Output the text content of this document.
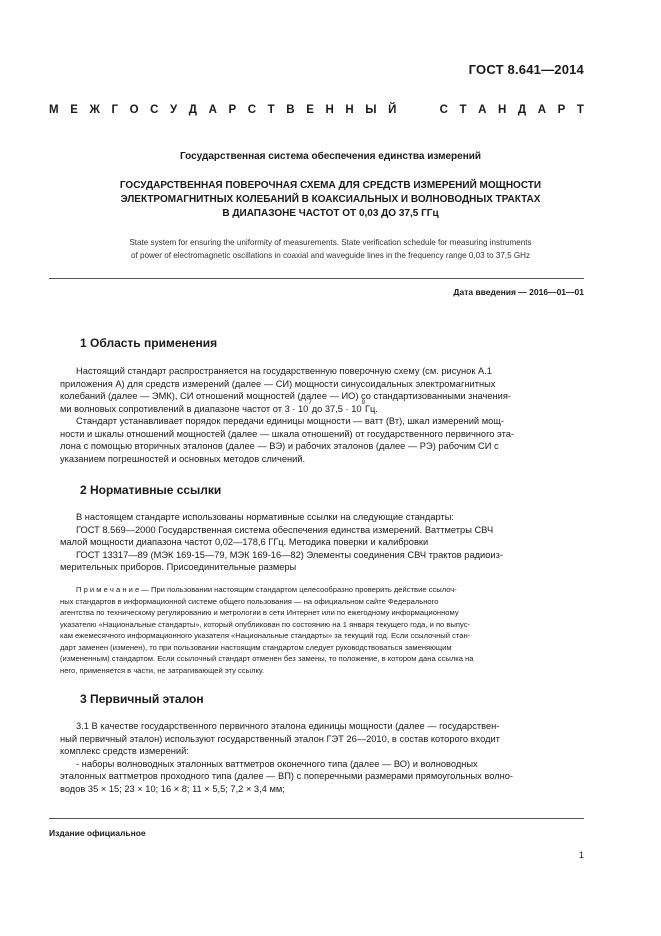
ГОСТ 8.641—2014
М Е Ж Г О С У Д А Р С Т В Е Н Н Ы Й	С Т А Н Д А Р Т
Государственная система обеспечения единства измерений
ГОСУДАРСТВЕННАЯ ПОВЕРОЧНАЯ СХЕМА ДЛЯ СРЕДСТВ ИЗМЕРЕНИЙ МОЩНОСТИ
ЭЛЕКТРОМАГНИТНЫХ КОЛЕБАНИЙ В КОАКСИАЛЬНЫХ И ВОЛНОВОДНЫХ ТРАКТАХ
В ДИАПАЗОНЕ ЧАСТОТ ОТ 0,03 ДО 37,5 ГГц
State system for ensuring the uniformity of measurements. State verification schedule for measuring instruments
of power of electromagnetic oscillations in coaxial and waveguide lines in the frequency range 0,03 to 37,5 GHz
Дата введения — 2016—01—01
1 Область применения
Настоящий стандарт распространяется на государственную поверочную схему (см. рисунок А.1
приложения А) для средств измерений (далее — СИ) мощности синусоидальных электромагнитных
колебаний (далее — ЭМК), СИ отношений мощностей (далее — ИО) со стандартизованными значения-
ми волновых сопротивлений в диапазоне частот от 3 · 10
7
до 37,5 · 10
9
Гц.
Стандарт устанавливает порядок передачи единицы мощности — ватт (Вт), шкал измерений мощ-
ности и шкалы отношений мощностей (далее — шкала отношений) от государственного первичного эта-
лона с помощью вторичных эталонов (далее — ВЭ) и рабочих эталонов (далее — РЭ) рабочим СИ с
указанием погрешностей и основных методов сличений.
2 Нормативные ссылки
В настоящем стандарте использованы нормативные ссылки на следующие стандарты:
ГОСТ 8.569—2000 Государственная система обеспечения единства измерений. Ваттметры СВЧ
малой мощности диапазона частот 0,02—178,6 ГГц. Методика поверки и калибровки
ГОСТ 13317—89 (МЭК 169-15—79, МЭК 169-16—82) Элементы соединения СВЧ трактов радиоиз-
мерительных приборов. Присоединительные размеры
П р и м е ч а н и е — При пользовании настоящим стандартом целесообразно проверить действие ссылоч-
ных стандартов в информационной системе общего пользования — на официальном сайте Федерального
агентства по техническому регулированию и метрологии в сети Интернет или по ежегодному информационному
указателю «Национальные стандарты», который опубликован по состоянию на 1 января текущего года, и по выпус-
кам ежемесячного информационного указателя «Национальные стандарты» за текущий год. Если ссылочный стан-
дарт заменен (изменен), то при пользовании настоящим стандартом следует руководствоваться заменяющим
(измененным) стандартом. Если ссылочный стандарт отменен без замены, то положение, в котором дана ссылка на
него, применяется в части, не затрагивающей эту ссылку.
3 Первичный эталон
3.1 В качестве государственного первичного эталона единицы мощности (далее — государствен-
ный первичный эталон) используют государственный эталон ГЭТ 26—2010, в состав которого входит
комплекс средств измерений:
- наборы волноводных эталонных ваттметров оконечного типа (далее — ВО) и волноводных
эталонных ваттметров проходного типа (далее — ВП) с поперечными размерами прямоугольных волно-
водов 35 × 15; 23 × 10; 16 × 8; 11 × 5,5; 7,2 × 3,4 мм;
Издание официальное
1
